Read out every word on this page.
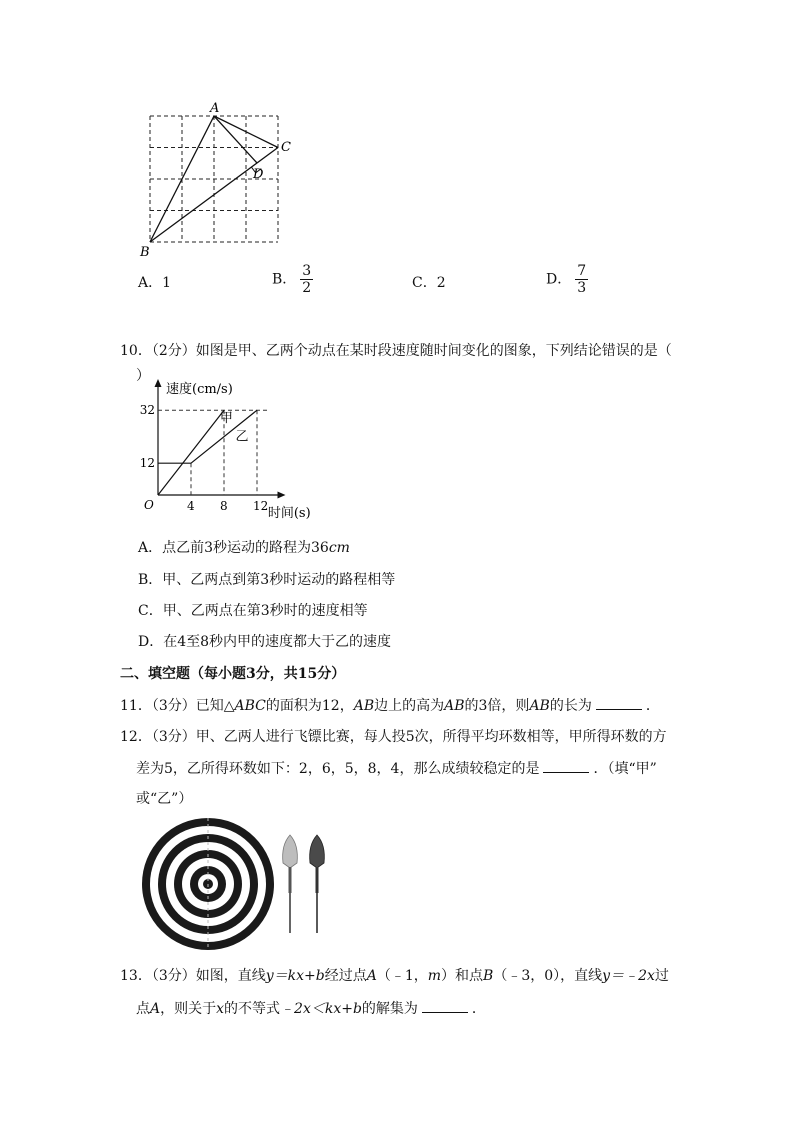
A
C
D
B
A．1	B． $\frac{3}{2}$	C．2	D． $\frac{7}{3}$
10．（2分）如图是甲、乙两个动点在某时段速度随时间变化的图象，下列结论错误的是（
）
4 8 12
12
32
O
速度(cm/s)
时间(s)
甲
乙
A．点乙前3秒运动的路程为36cm
B．甲、乙两点到第3秒时运动的路程相等
C．甲、乙两点在第3秒时的速度相等
D．在4至8秒内甲的速度都大于乙的速度
二、填空题（每小题3分，共15分）
11．（3分）已知△ABC的面积为12，AB边上的高为AB的3倍，则AB的长为	．
12．（3分）甲、乙两人进行飞镖比赛，每人投5次，所得平均环数相等，甲所得环数的方
差为5，乙所得环数如下：2，6，5，8，4，那么成绩较稳定的是	．（填“甲”
或“乙”）
13．（3分）如图，直线y＝kx+b经过点A（﹣1，m）和点B（﹣3，0），直线y＝﹣2x过
点A，则关于x的不等式﹣2x＜kx+b的解集为	．
